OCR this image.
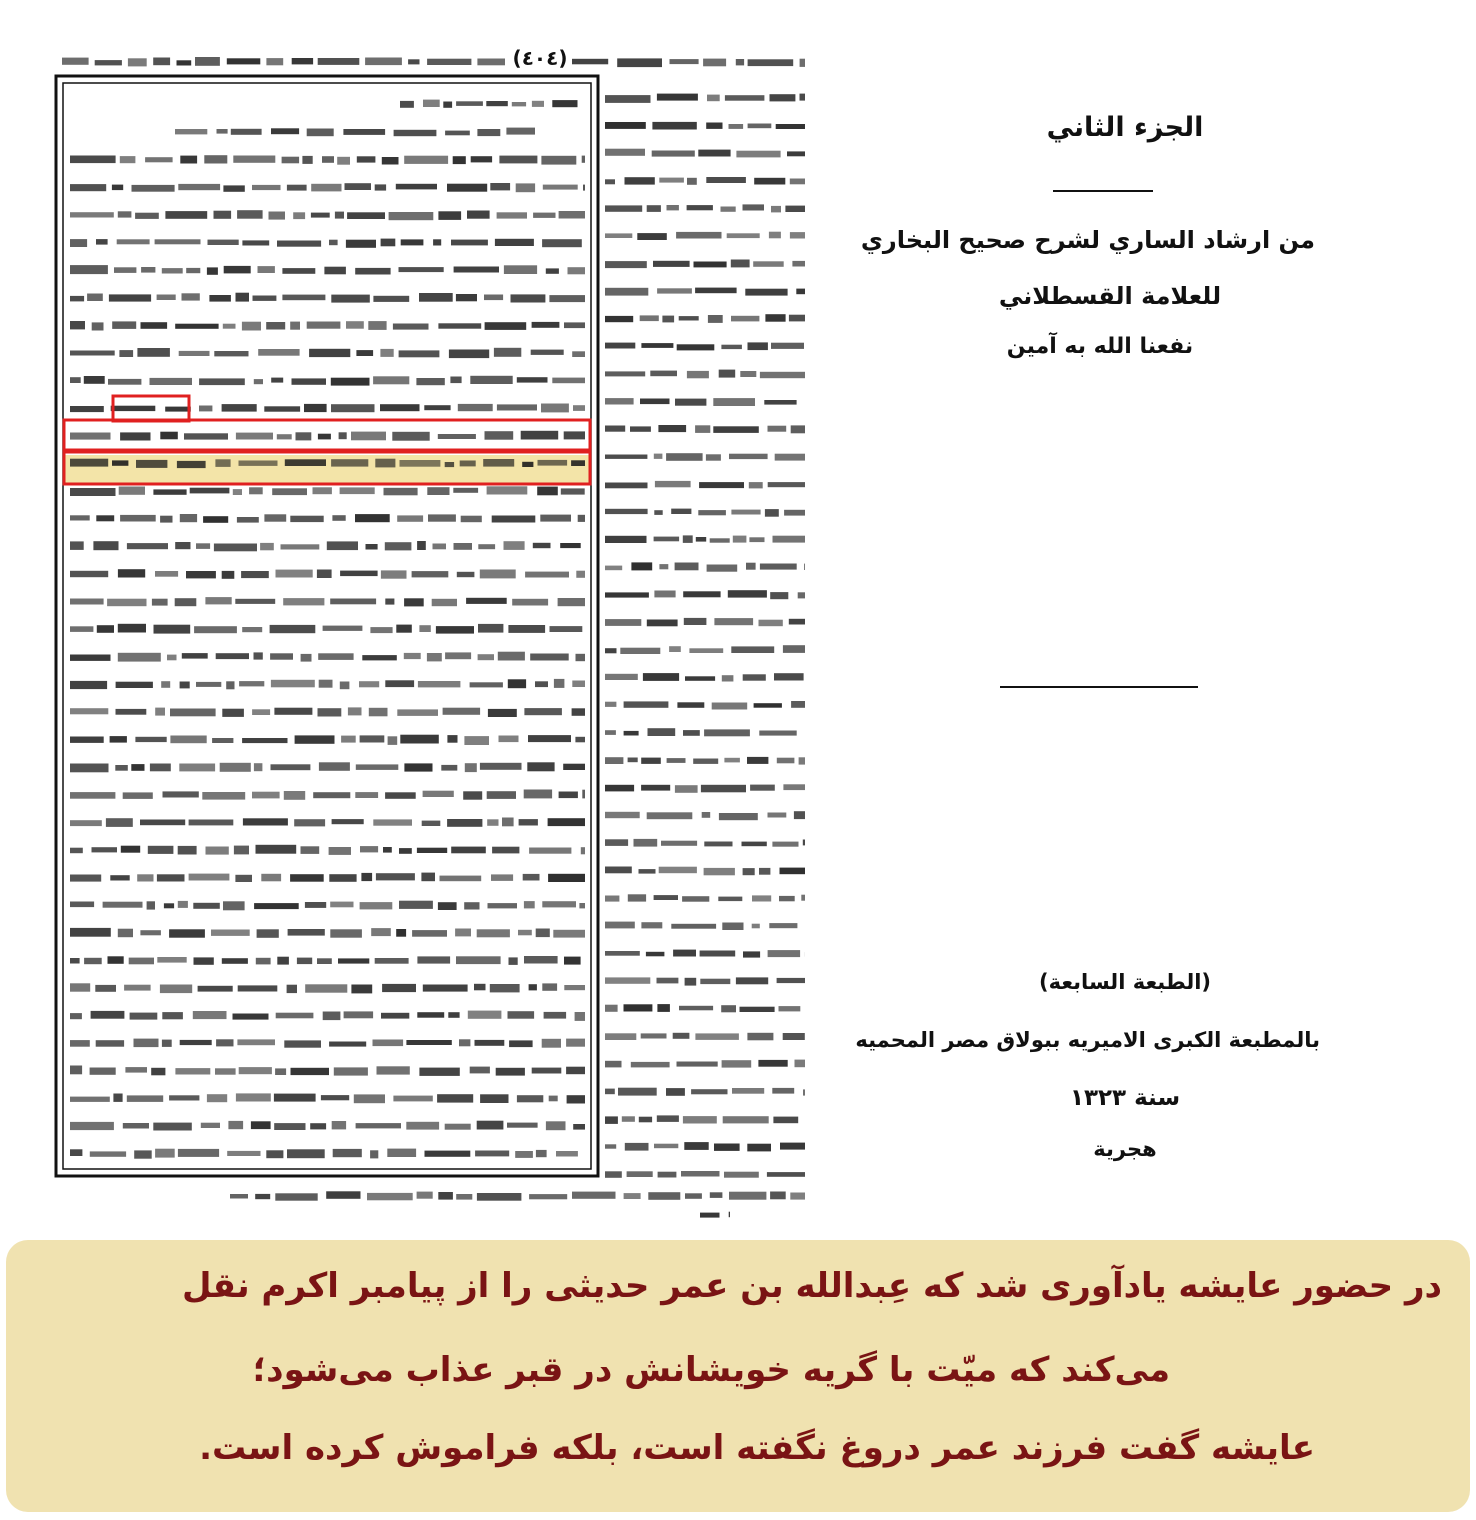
(٤٠٤)
الجزء الثاني
من ارشاد الساري لشرح صحيح البخاري
للعلامة القسطلاني
نفعنا الله به آمين
(الطبعة السابعة)
بالمطبعة الكبرى الاميريه ببولاق مصر المحميه
سنة ١٣٢٣
هجرية
در حضور عایشه یادآوری شد که عِبدالله بن عمر حدیثی را از پیامبر اکرم نقل
می‌کند که میّت با گریه خویشانش در قبر عذاب می‌شود؛
عایشه گفت فرزند عمر دروغ نگفته است، بلکه فراموش کرده است.
